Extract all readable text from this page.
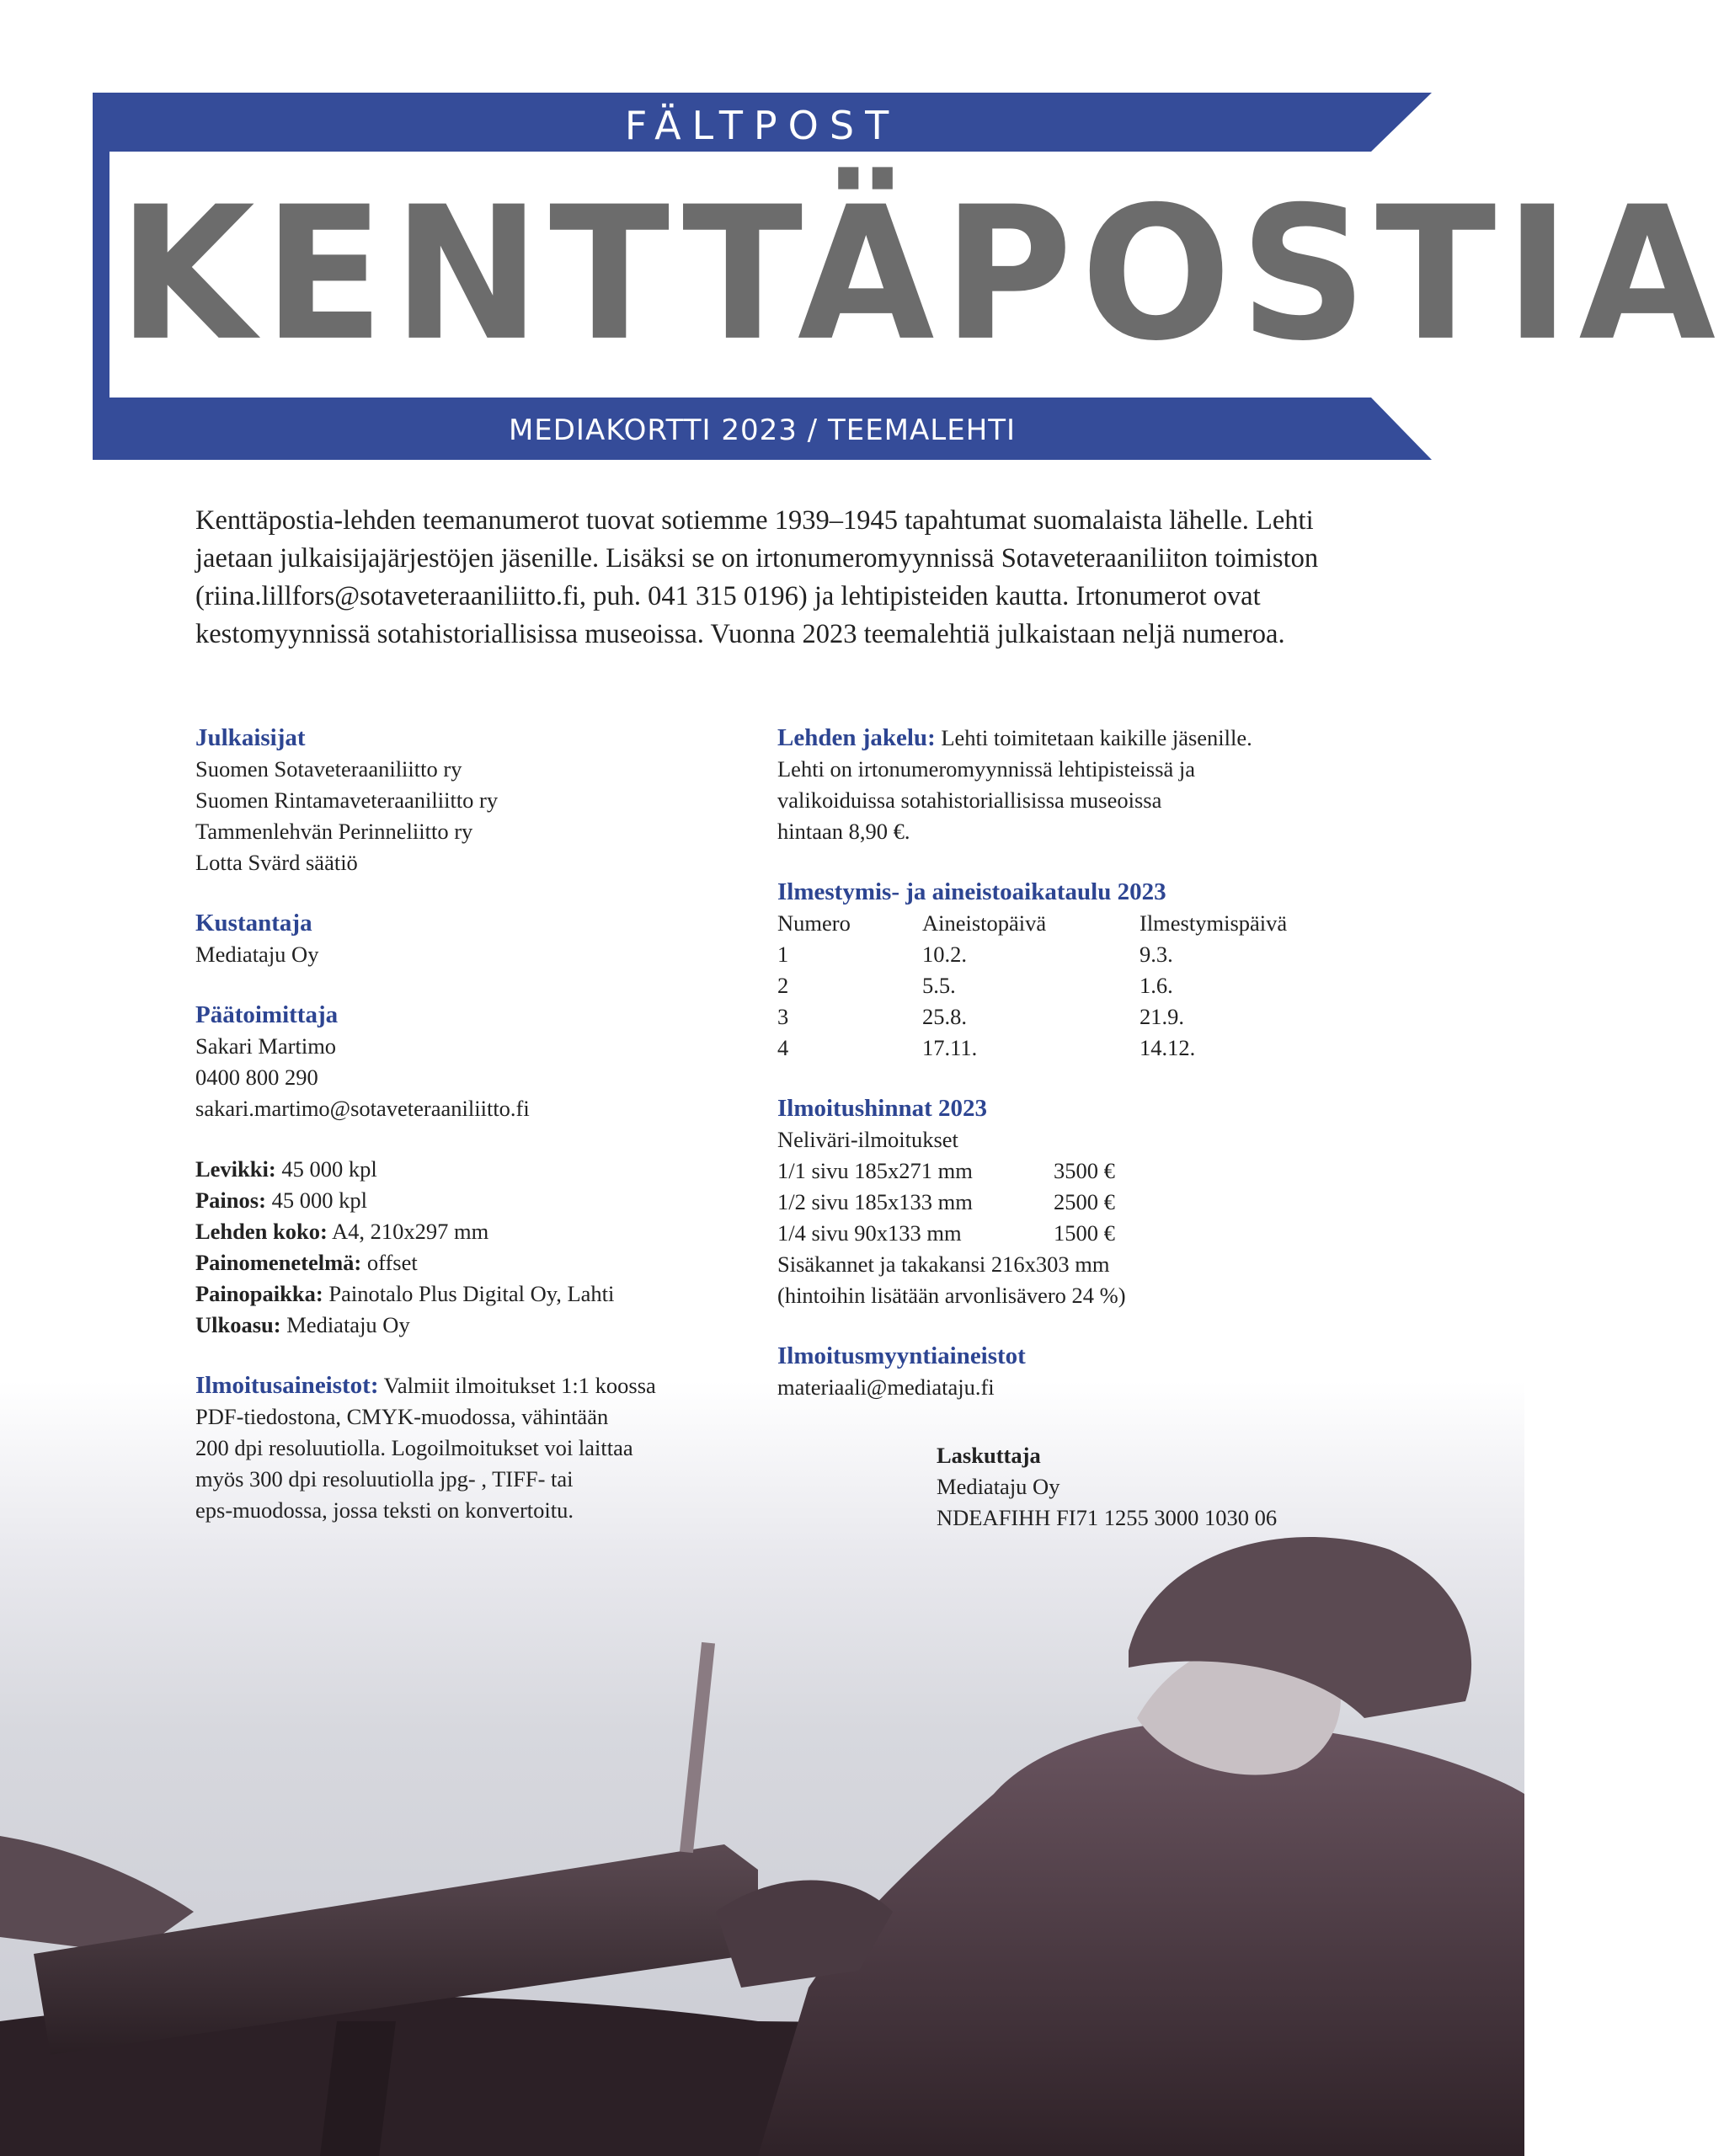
FÄLTPOST
KENTTÄPOSTIA
MEDIAKORTTI 2023 / TEEMALEHTI

Kenttäpostia-lehden teemanumerot tuovat sotiemme 1939–1945 tapahtumat suomalaista lähelle. Lehti jaetaan julkaisijajärjestöjen jäsenille. Lisäksi se on irtonumeromyynnissä Sotaveteraaniliiton toimiston (riina.lillfors@sotaveteraaniliitto.fi, puh. 041 315 0196) ja lehtipisteiden kautta. Irtonumerot ovat kestomyynnissä sotahistoriallisissa museoissa. Vuonna 2023 teemalehtiä julkaistaan neljä numeroa.

Julkaisijat
Suomen Sotaveteraaniliitto ry
Suomen Rintamaveteraaniliitto ry
Tammenlehvän Perinneliitto ry
Lotta Svärd säätiö
Kustantaja
Mediataju Oy
Päätoimittaja
Sakari Martimo
0400 800 290
sakari.martimo@sotaveteraaniliitto.fi
Levikki: 45 000 kpl
Painos: 45 000 kpl
Lehden koko: A4, 210x297 mm
Painomenetelmä: offset
Painopaikka: Painotalo Plus Digital Oy, Lahti
Ulkoasu: Mediataju Oy
Ilmoitusaineistot: Valmiit ilmoitukset 1:1 koossa
PDF-tiedostona, CMYK-muodossa, vähintään
200 dpi resoluutiolla. Logoilmoitukset voi laittaa
myös 300 dpi resoluutiolla jpg- , TIFF- tai
eps-muodossa, jossa teksti on konvertoitu.
Lehden jakelu: Lehti toimitetaan kaikille jäsenille.
Lehti on irtonumeromyynnissä lehtipisteissä ja
valikoiduissa sotahistoriallisissa museoissa
hintaan 8,90 €.
Ilmestymis- ja aineistoaikataulu 2023
Numero	Aineistopäivä	Ilmestymispäivä
1	10.2.	9.3.
2	5.5.	1.6.
3	25.8.	21.9.
4	17.11.	14.12.
Ilmoitushinnat 2023
Neliväri-ilmoitukset
1/1 sivu 185x271 mm	3500 €
1/2 sivu 185x133 mm	2500 €
1/4 sivu 90x133 mm	1500 €
Sisäkannet ja takakansi 216x303 mm
(hintoihin lisätään arvonlisävero 24 %)
Ilmoitusmyyntiaineistot
materiaali@mediataju.fi
Laskuttaja
Mediataju Oy
NDEAFIHH FI71 1255 3000 1030 06
